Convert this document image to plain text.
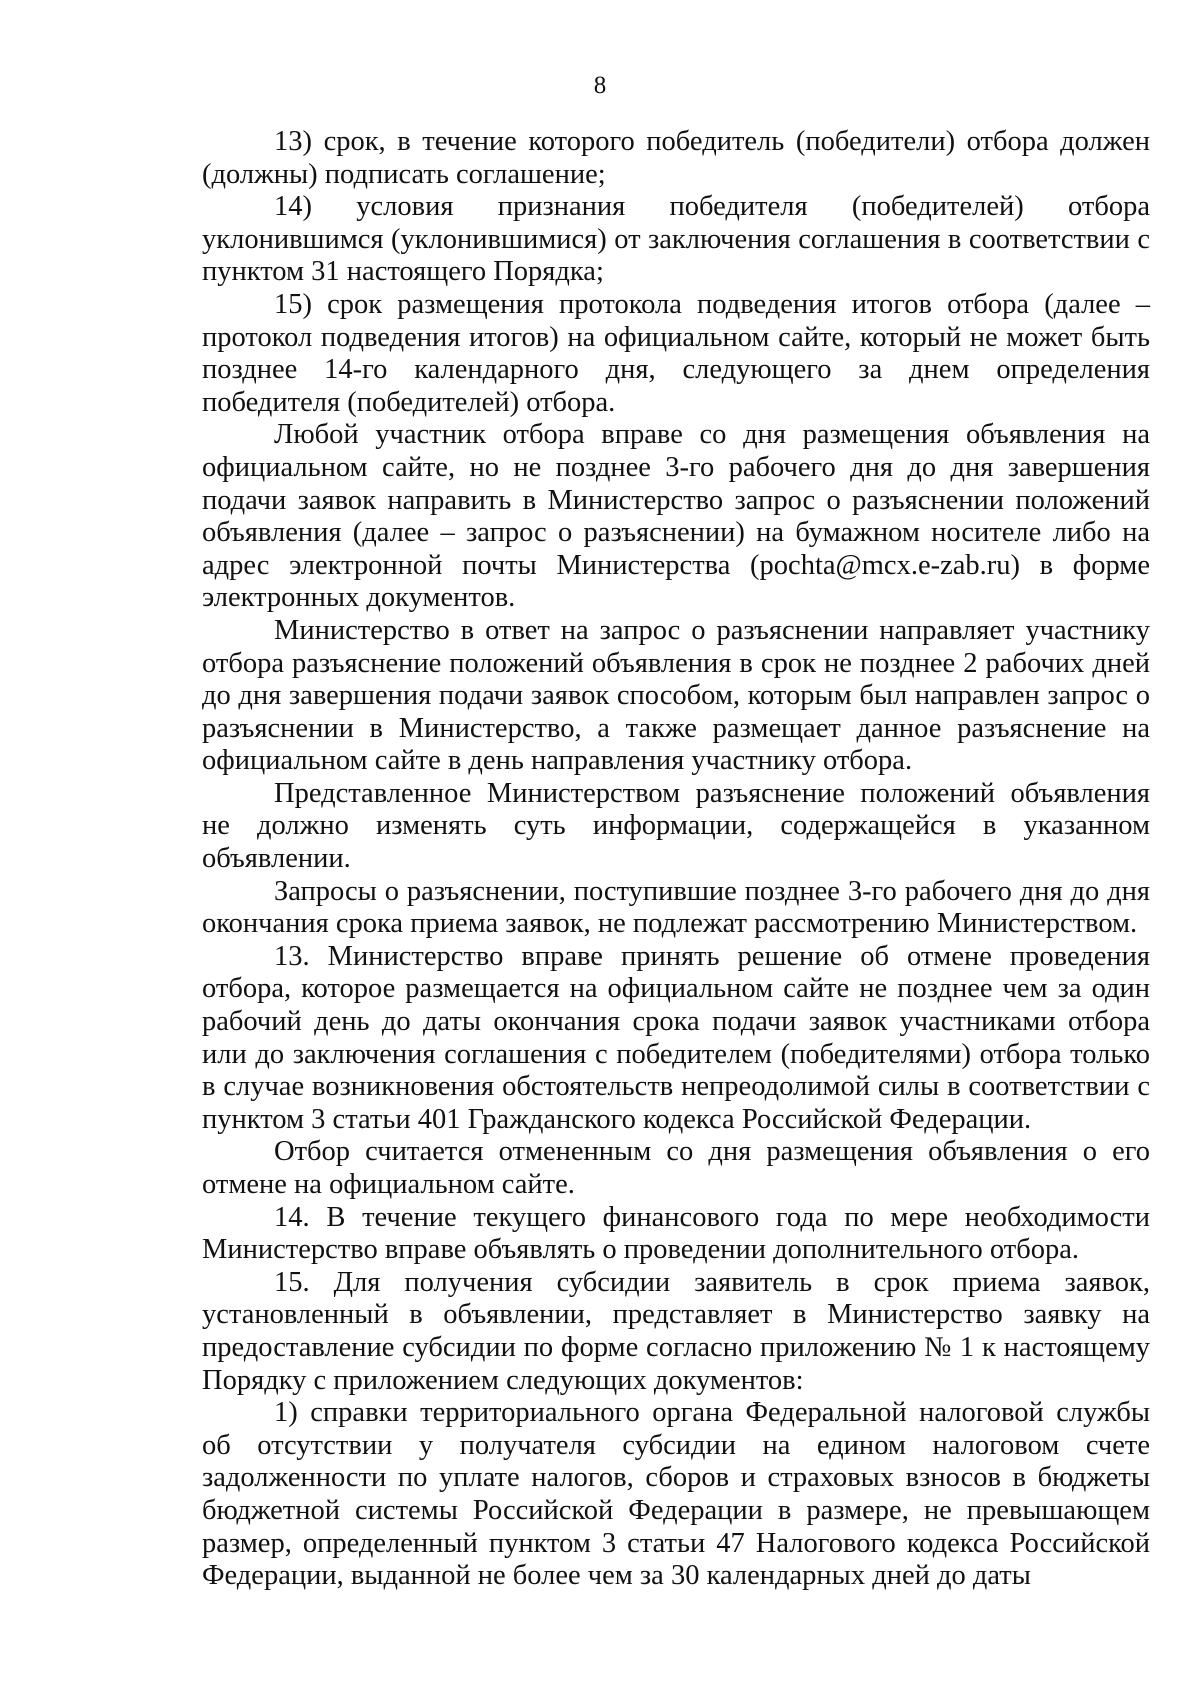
8

13) срок, в течение которого победитель (победители) отбора должен (должны) подписать соглашение;

14) условия признания победителя (победителей) отбора уклонившимся (уклонившимися) от заключения соглашения в соответствии с пунктом 31 настоящего Порядка;

15) срок размещения протокола подведения итогов отбора (далее – протокол подведения итогов) на официальном сайте, который не может быть позднее 14-го календарного дня, следующего за днем определения победителя (победителей) отбора.

Любой участник отбора вправе со дня размещения объявления на официальном сайте, но не позднее 3-го рабочего дня до дня завершения подачи заявок направить в Министерство запрос о разъяснении положений объявления (далее – запрос о разъяснении) на бумажном носителе либо на адрес электронной почты Министерства (pochta@mcx.e-zab.ru) в форме электронных документов.

Министерство в ответ на запрос о разъяснении направляет участнику отбора разъяснение положений объявления в срок не позднее 2 рабочих дней до дня завершения подачи заявок способом, которым был направлен запрос о разъяснении в Министерство, а также размещает данное разъяснение на официальном сайте в день направления участнику отбора.

Представленное Министерством разъяснение положений объявления не должно изменять суть информации, содержащейся в указанном объявлении.

Запросы о разъяснении, поступившие позднее 3-го рабочего дня до дня окончания срока приема заявок, не подлежат рассмотрению Министерством.

13. Министерство вправе принять решение об отмене проведения отбора, которое размещается на официальном сайте не позднее чем за один рабочий день до даты окончания срока подачи заявок участниками отбора или до заключения соглашения с победителем (победителями) отбора только в случае возникновения обстоятельств непреодолимой силы в соответствии с пунктом 3 статьи 401 Гражданского кодекса Российской Федерации.

Отбор считается отмененным со дня размещения объявления о его отмене на официальном сайте.

14. В течение текущего финансового года по мере необходимости Министерство вправе объявлять о проведении дополнительного отбора.

15. Для получения субсидии заявитель в срок приема заявок, установленный в объявлении, представляет в Министерство заявку на предоставление субсидии по форме согласно приложению № 1 к настоящему Порядку с приложением следующих документов:

1) справки территориального органа Федеральной налоговой службы об отсутствии у получателя субсидии на едином налоговом счете задолженности по уплате налогов, сборов и страховых взносов в бюджеты бюджетной системы Российской Федерации в размере, не превышающем размер, определенный пунктом 3 статьи 47 Налогового кодекса Российской Федерации, выданной не более чем за 30 календарных дней до даты
